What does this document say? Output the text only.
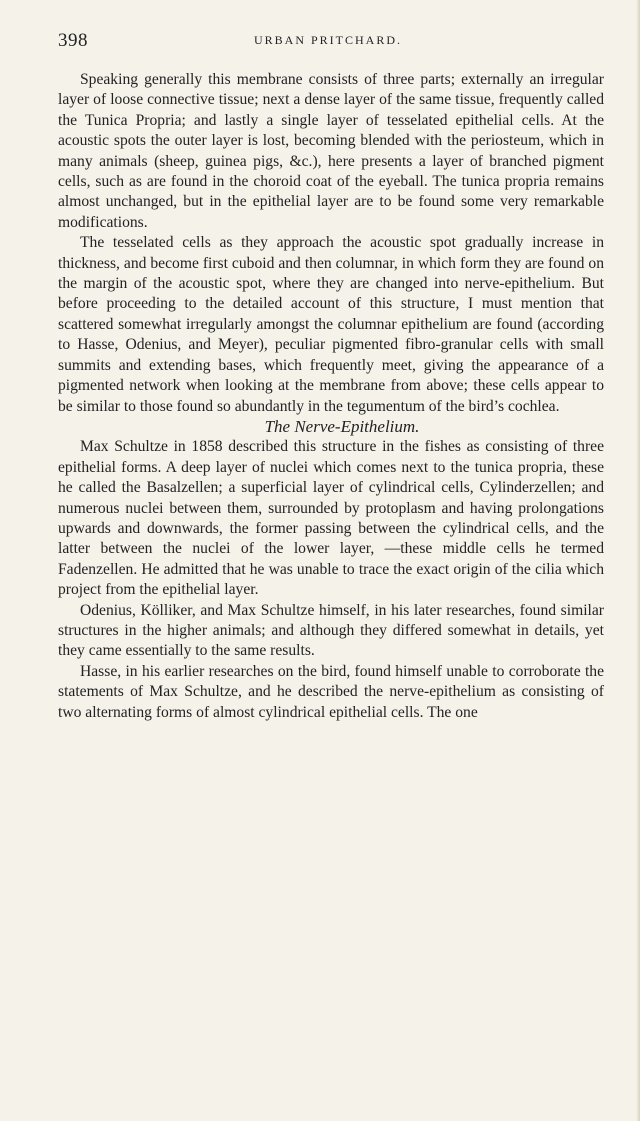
398	URBAN PRITCHARD.

Speaking generally this membrane consists of three parts; externally an irregular layer of loose connective tissue; next a dense layer of the same tissue, frequently called the Tunica Propria; and lastly a single layer of tesselated epithelial cells. At the acoustic spots the outer layer is lost, becoming blended with the periosteum, which in many animals (sheep, guinea pigs, &c.), here presents a layer of branched pigment cells, such as are found in the choroid coat of the eyeball. The tunica propria remains almost unchanged, but in the epithelial layer are to be found some very remarkable modifications.

The tesselated cells as they approach the acoustic spot gradually increase in thickness, and become first cuboid and then columnar, in which form they are found on the margin of the acoustic spot, where they are changed into nerve-epithelium. But before proceeding to the detailed account of this structure, I must mention that scattered somewhat irregularly amongst the columnar epithelium are found (according to Hasse, Odenius, and Meyer), peculiar pigmented fibro-granular cells with small summits and extending bases, which frequently meet, giving the appearance of a pigmented network when looking at the membrane from above; these cells appear to be similar to those found so abundantly in the tegumentum of the bird’s cochlea.

The Nerve-Epithelium.

Max Schultze in 1858 described this structure in the fishes as consisting of three epithelial forms. A deep layer of nuclei which comes next to the tunica propria, these he called the Basalzellen; a superficial layer of cylindrical cells, Cylinderzellen; and numerous nuclei between them, surrounded by protoplasm and having prolongations upwards and downwards, the former passing between the cylindrical cells, and the latter between the nuclei of the lower layer, —these middle cells he termed Fadenzellen. He admitted that he was unable to trace the exact origin of the cilia which project from the epithelial layer.

Odenius, Kölliker, and Max Schultze himself, in his later researches, found similar structures in the higher animals; and although they differed somewhat in details, yet they came essentially to the same results.

Hasse, in his earlier researches on the bird, found himself unable to corroborate the statements of Max Schultze, and he described the nerve-epithelium as consisting of two alternating forms of almost cylindrical epithelial cells. The one
